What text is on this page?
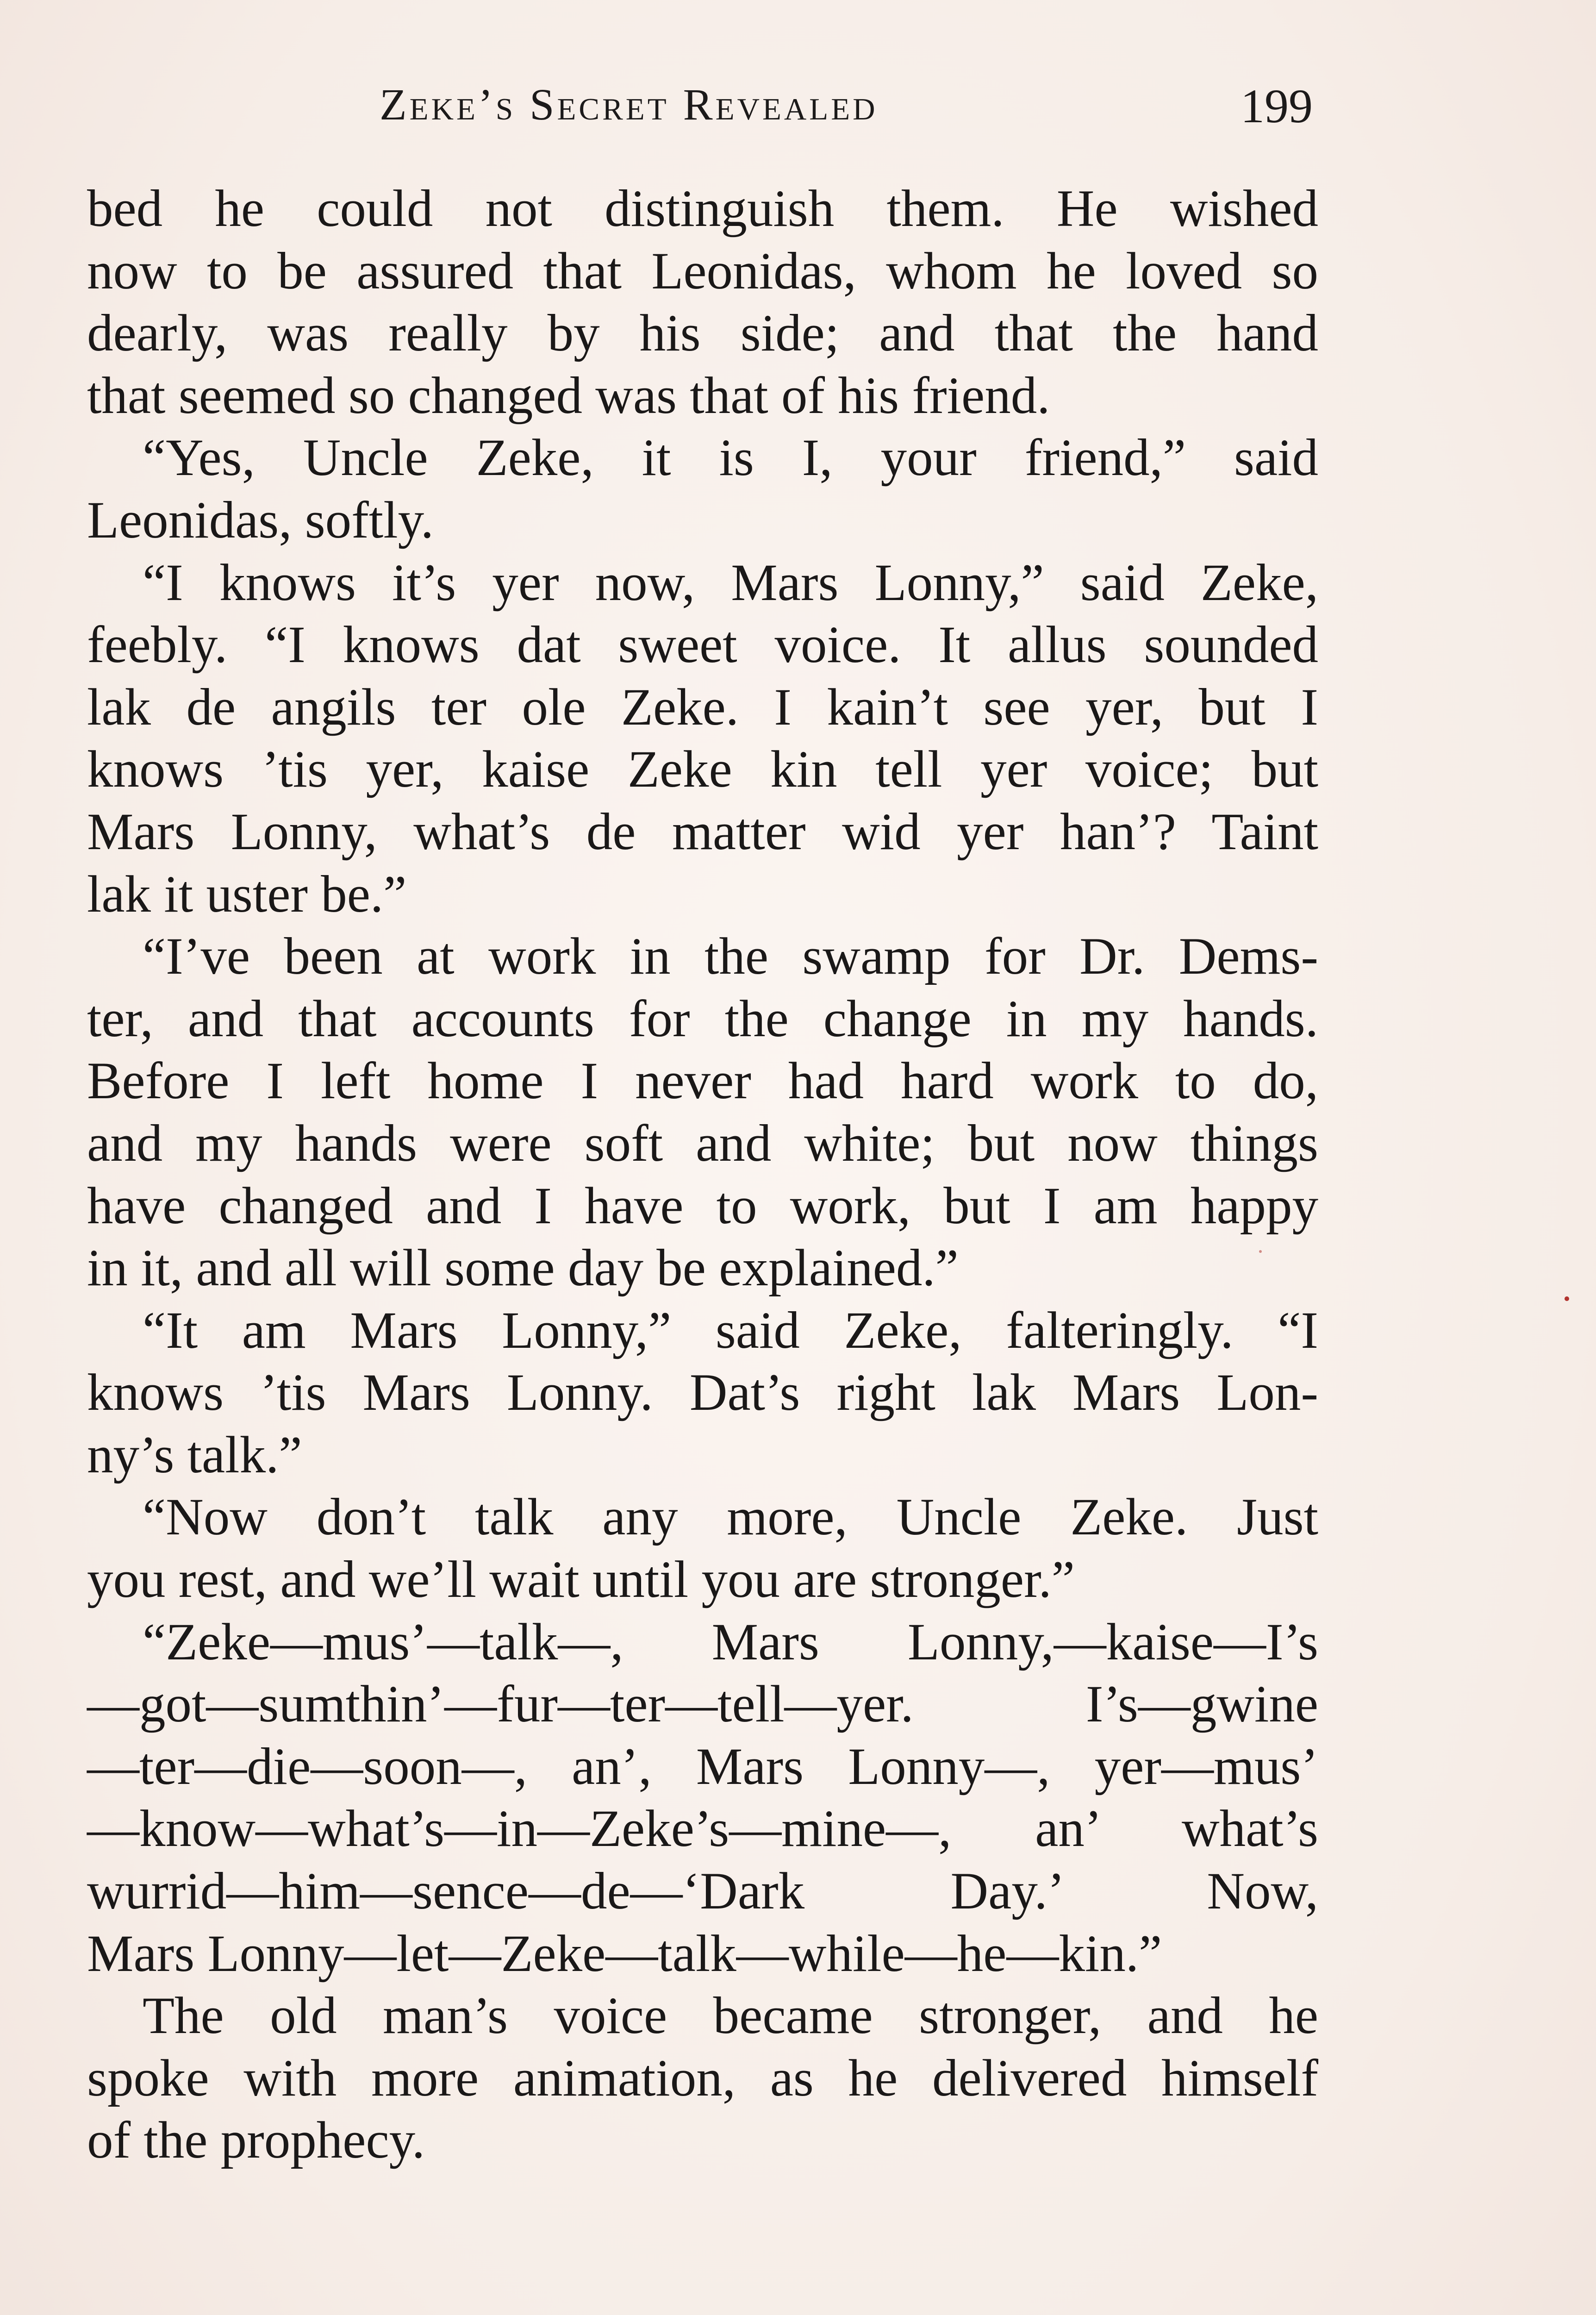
Zeke’s Secret Revealed	199
bed he could not distinguish them. He wished
now to be assured that Leonidas, whom he loved so
dearly, was really by his side; and that the hand
that seemed so changed was that of his friend.
“Yes, Uncle Zeke, it is I, your friend,” said
Leonidas, softly.
“I knows it’s yer now, Mars Lonny,” said Zeke,
feebly. “I knows dat sweet voice. It allus sounded
lak de angils ter ole Zeke. I kain’t see yer, but I
knows ’tis yer, kaise Zeke kin tell yer voice; but
Mars Lonny, what’s de matter wid yer han’? Taint
lak it uster be.”
“I’ve been at work in the swamp for Dr. Dems-
ter, and that accounts for the change in my hands.
Before I left home I never had hard work to do,
and my hands were soft and white; but now things
have changed and I have to work, but I am happy
in it, and all will some day be explained.”
“It am Mars Lonny,” said Zeke, falteringly. “I
knows ’tis Mars Lonny. Dat’s right lak Mars Lon-
ny’s talk.”
“Now don’t talk any more, Uncle Zeke. Just
you rest, and we’ll wait until you are stronger.”
“Zeke—mus’—talk—, Mars Lonny,—kaise—I’s
—got—sumthin’—fur—ter—tell—yer. I’s—gwine
—ter—die—soon—, an’, Mars Lonny—, yer—mus’
—know—what’s—in—Zeke’s—mine—, an’ what’s
wurrid—him—sence—de—‘Dark Day.’ Now,
Mars Lonny—let—Zeke—talk—while—he—kin.”
The old man’s voice became stronger, and he
spoke with more animation, as he delivered himself
of the prophecy.
